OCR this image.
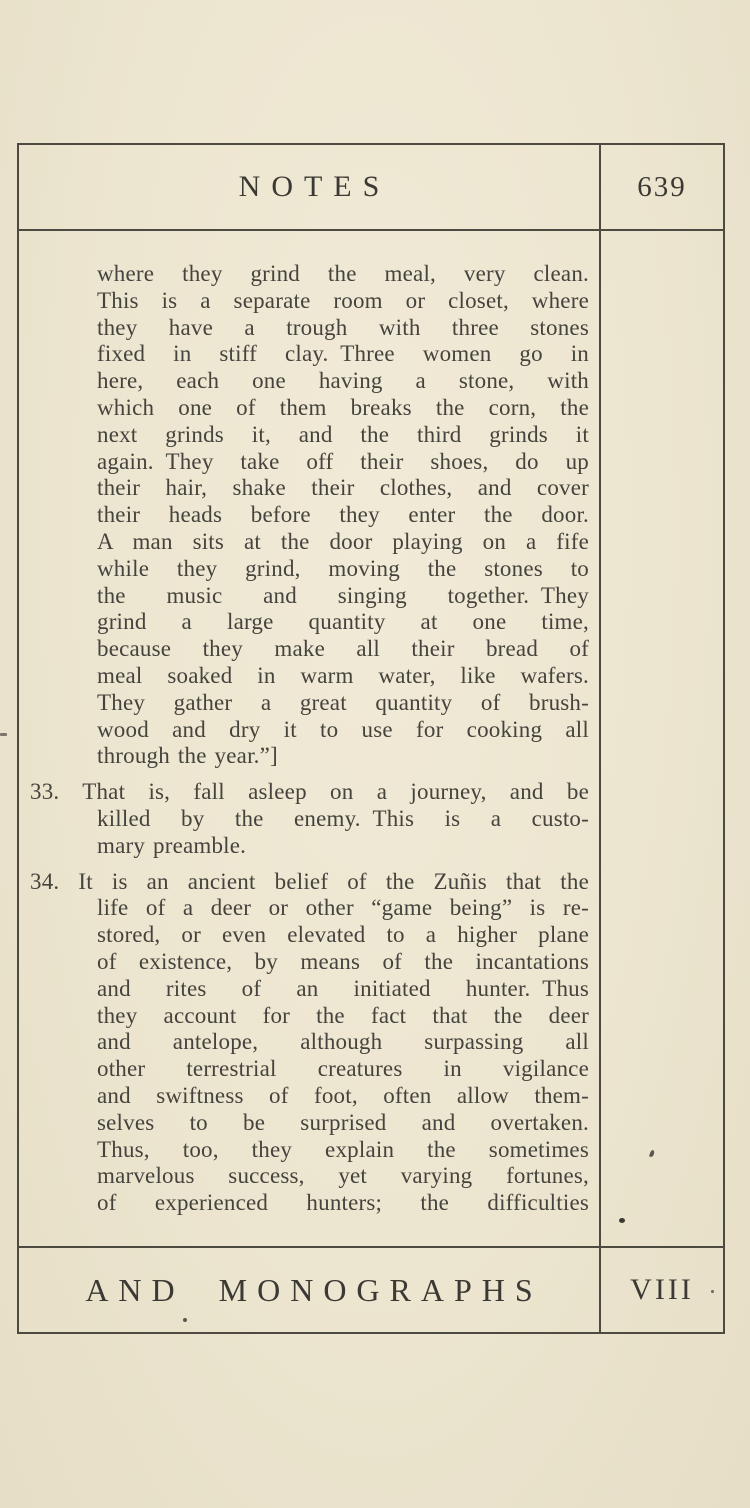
NOTES	639
where they grind the meal, very clean.
This is a separate room or closet, where
they have a trough with three stones
fixed in stiff clay. Three women go in
here, each one having a stone, with
which one of them breaks the corn, the
next grinds it, and the third grinds it
again. They take off their shoes, do up
their hair, shake their clothes, and cover
their heads before they enter the door.
A man sits at the door playing on a fife
while they grind, moving the stones to
the music and singing together. They
grind a large quantity at one time,
because they make all their bread of
meal soaked in warm water, like wafers.
They gather a great quantity of brush-
wood and dry it to use for cooking all
through the year.”]
33. That is, fall asleep on a journey, and be
killed by the enemy. This is a custo-
mary preamble.
34. It is an ancient belief of the Zuñis that the
life of a deer or other “game being” is re-
stored, or even elevated to a higher plane
of existence, by means of the incantations
and rites of an initiated hunter. Thus
they account for the fact that the deer
and antelope, although surpassing all
other terrestrial creatures in vigilance
and swiftness of foot, often allow them-
selves to be surprised and overtaken.
Thus, too, they explain the sometimes
marvelous success, yet varying fortunes,
of experienced hunters; the difficulties
AND MONOGRAPHS	VIII
